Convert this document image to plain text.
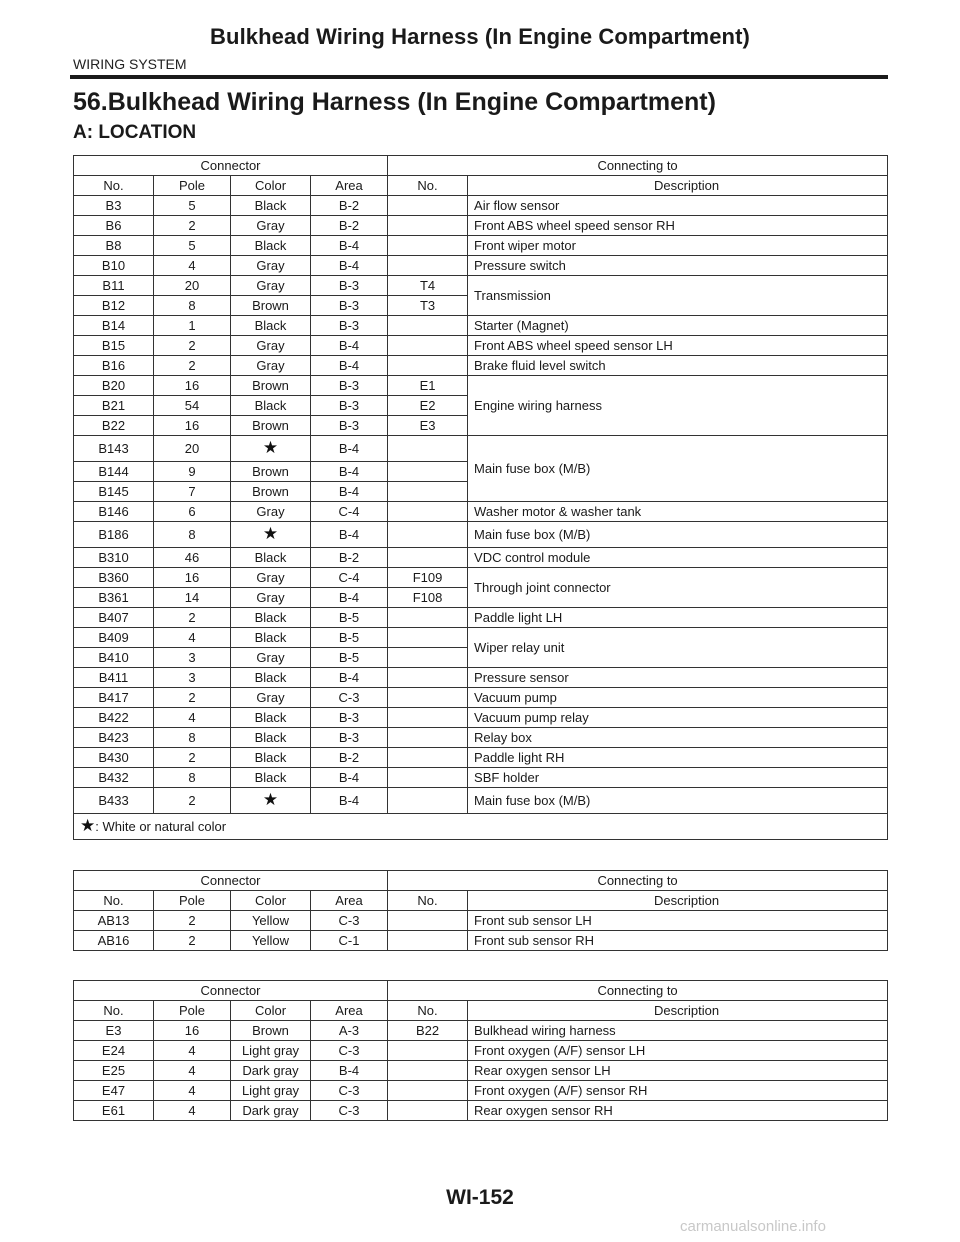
Bulkhead Wiring Harness (In Engine Compartment)
WIRING SYSTEM
56.Bulkhead Wiring Harness (In Engine Compartment)
A: LOCATION
Connector				Connecting to	
No.	Pole	Color	Area	No.	Description
B3	5	Black	B-2		Air flow sensor
B6	2	Gray	B-2		Front ABS wheel speed sensor RH
B8	5	Black	B-4		Front wiper motor
B10	4	Gray	B-4		Pressure switch
B11	20	Gray	B-3	T4	Transmission
B12	8	Brown	B-3	T3	
B14	1	Black	B-3		Starter (Magnet)
B15	2	Gray	B-4		Front ABS wheel speed sensor LH
B16	2	Gray	B-4		Brake fluid level switch
B20	16	Brown	B-3	E1	Engine wiring harness
B21	54	Black	B-3	E2	
B22	16	Brown	B-3	E3	
B143	20	★	B-4		Main fuse box (M/B)
B144	9	Brown	B-4		
B145	7	Brown	B-4		
B146	6	Gray	C-4		Washer motor & washer tank
B186	8	★	B-4		Main fuse box (M/B)
B310	46	Black	B-2		VDC control module
B360	16	Gray	C-4	F109	Through joint connector
B361	14	Gray	B-4	F108	
B407	2	Black	B-5		Paddle light LH
B409	4	Black	B-5		Wiper relay unit
B410	3	Gray	B-5		
B411	3	Black	B-4		Pressure sensor
B417	2	Gray	C-3		Vacuum pump
B422	4	Black	B-3		Vacuum pump relay
B423	8	Black	B-3		Relay box
B430	2	Black	B-2		Paddle light RH
B432	8	Black	B-4		SBF holder
B433	2	★	B-4		Main fuse box (M/B)
★: White or natural color					
Connector				Connecting to	
No.	Pole	Color	Area	No.	Description
AB13	2	Yellow	C-3		Front sub sensor LH
AB16	2	Yellow	C-1		Front sub sensor RH
Connector				Connecting to	
No.	Pole	Color	Area	No.	Description
E3	16	Brown	A-3	B22	Bulkhead wiring harness
E24	4	Light gray	C-3		Front oxygen (A/F) sensor LH
E25	4	Dark gray	B-4		Rear oxygen sensor LH
E47	4	Light gray	C-3		Front oxygen (A/F) sensor RH
E61	4	Dark gray	C-3		Rear oxygen sensor RH
WI-152
carmanualsonline.info
